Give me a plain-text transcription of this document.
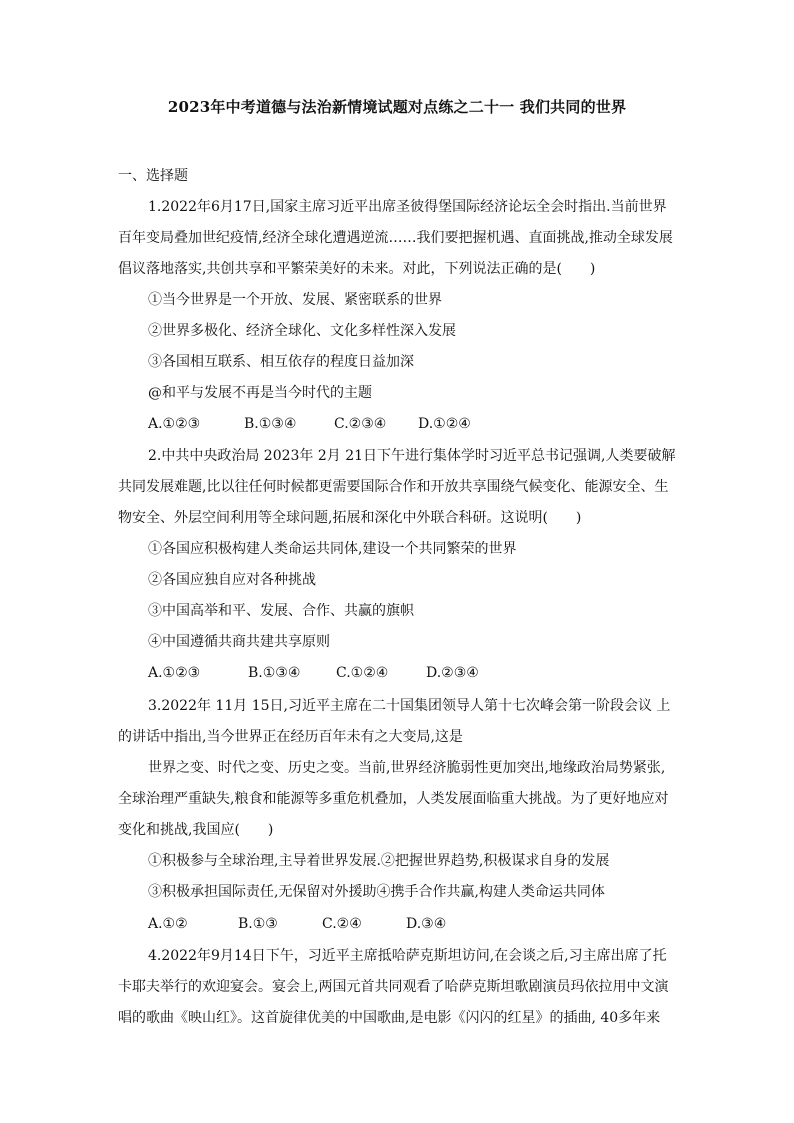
2023年中考道德与法治新情境试题对点练之二十一 我们共同的世界
一、选择题
1.2022年6月17日,国家主席习近平出席圣彼得堡国际经济论坛全会时指出.当前世界
百年变局叠加世纪疫情,经济全球化遭遇逆流……我们要把握机遇、直面挑战,推动全球发展
倡议落地落实,共创共享和平繁荣美好的未来。对此，下列说法正确的是(　　)
①当今世界是一个开放、发展、紧密联系的世界
②世界多极化、经济全球化、文化多样性深入发展
③各国相互联系、相互依存的程度日益加深
@和平与发展不再是当今时代的主题
A.①②③	B.①③④	C.②③④ D.①②④
2.中共中央政治局 2023年 2月 21日下午进行集体学时习近平总书记强调,人类要破解
共同发展难题,比以往任何时候都更需要国际合作和开放共享围绕气候变化、能源安全、生
物安全、外层空间利用等全球问题,拓展和深化中外联合科研。这说明(　　)
①各国应积极构建人类命运共同体,建设一个共同繁荣的世界
②各国应独自应对各种挑战
③中国高举和平、发展、合作、共赢的旗帜
④中国遵循共商共建共享原则
A.①②③	B.①③④	C.①②④	D.②③④
3.2022年 11月 15日,习近平主席在二十国集团领导人第十七次峰会第一阶段会议 上
的讲话中指出,当今世界正在经历百年未有之大变局,这是
世界之变、时代之变、历史之变。当前,世界经济脆弱性更加突出,地缘政治局势紧张,
全球治理严重缺失,粮食和能源等多重危机叠加，人类发展面临重大挑战。为了更好地应对
变化和挑战,我国应(　　)
①积极参与全球治理,主导着世界发展.②把握世界趋势,积极谋求自身的发展
③积极承担国际责任,无保留对外援助④携手合作共赢,构建人类命运共同体
A.①②	B.①③	C.②④	D.③④
4.2022年9月14日下午，习近平主席抵哈萨克斯坦访问,在会谈之后,习主席出席了托
卡耶夫举行的欢迎宴会。宴会上,两国元首共同观看了哈萨克斯坦歌剧演员玛依拉用中文演
唱的歌曲《映山红》。这首旋律优美的中国歌曲,是电影《闪闪的红星》的插曲, 40多年来
